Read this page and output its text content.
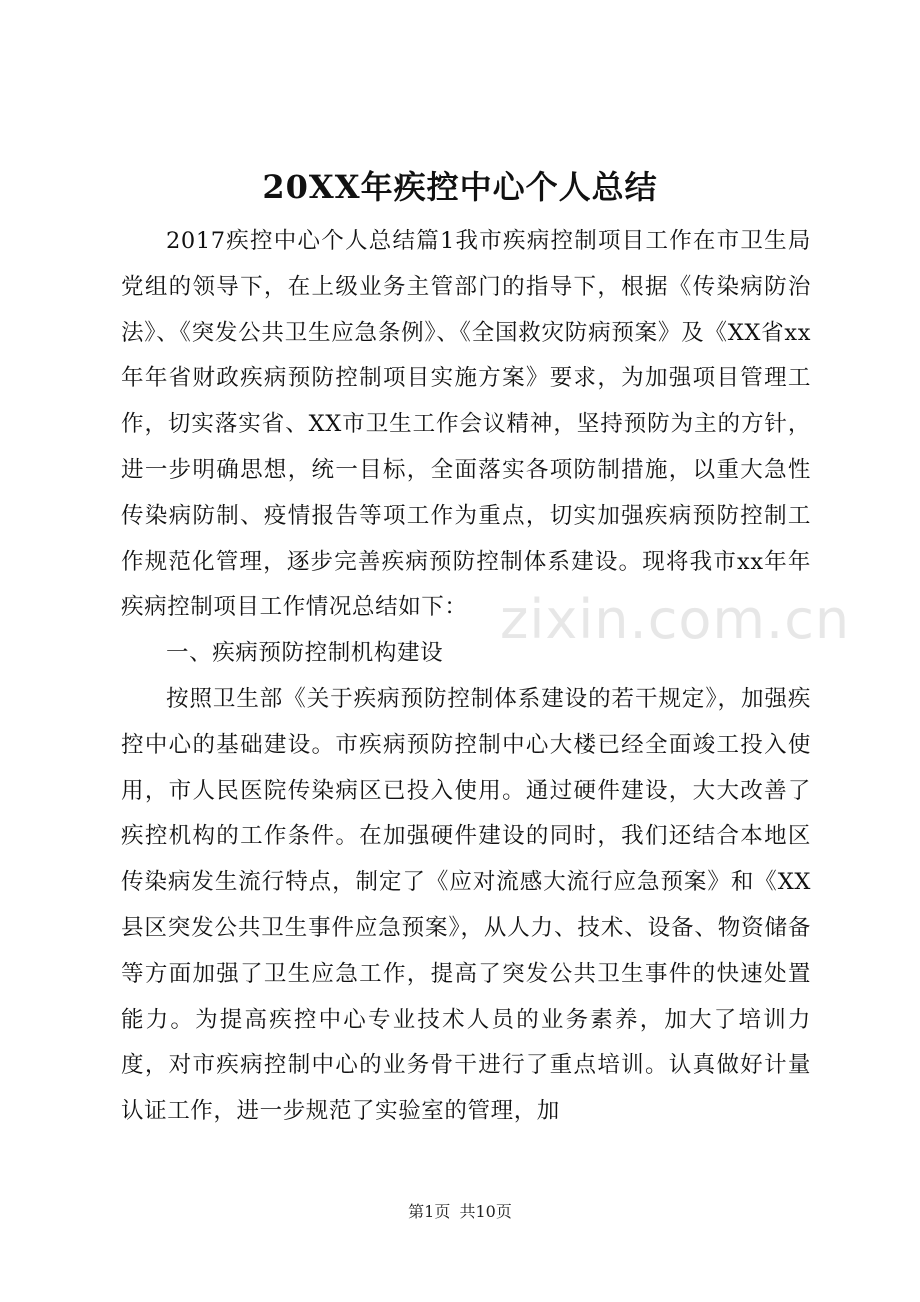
20XX年疾控中心个人总结

2017疾控中心个人总结篇1我市疾病控制项目工作在市卫生局党组的领导下，在上级业务主管部门的指导下，根据《传染病防治法》、《突发公共卫生应急条例》、《全国救灾防病预案》及《XX省xx年年省财政疾病预防控制项目实施方案》要求，为加强项目管理工作，切实落实省、XX市卫生工作会议精神，坚持预防为主的方针，进一步明确思想，统一目标，全面落实各项防制措施，以重大急性传染病防制、疫情报告等项工作为重点，切实加强疾病预防控制工作规范化管理，逐步完善疾病预防控制体系建设。现将我市xx年年疾病控制项目工作情况总结如下：

一、疾病预防控制机构建设

按照卫生部《关于疾病预防控制体系建设的若干规定》，加强疾控中心的基础建设。市疾病预防控制中心大楼已经全面竣工投入使用，市人民医院传染病区已投入使用。通过硬件建设，大大改善了疾控机构的工作条件。在加强硬件建设的同时，我们还结合本地区传染病发生流行特点，制定了《应对流感大流行应急预案》和《XX县区突发公共卫生事件应急预案》，从人力、技术、设备、物资储备等方面加强了卫生应急工作，提高了突发公共卫生事件的快速处置能力。为提高疾控中心专业技术人员的业务素养，加大了培训力度，对市疾病控制中心的业务骨干进行了重点培训。认真做好计量认证工作，进一步规范了实验室的管理，加

zixin.com.cn
第1页 共10页
